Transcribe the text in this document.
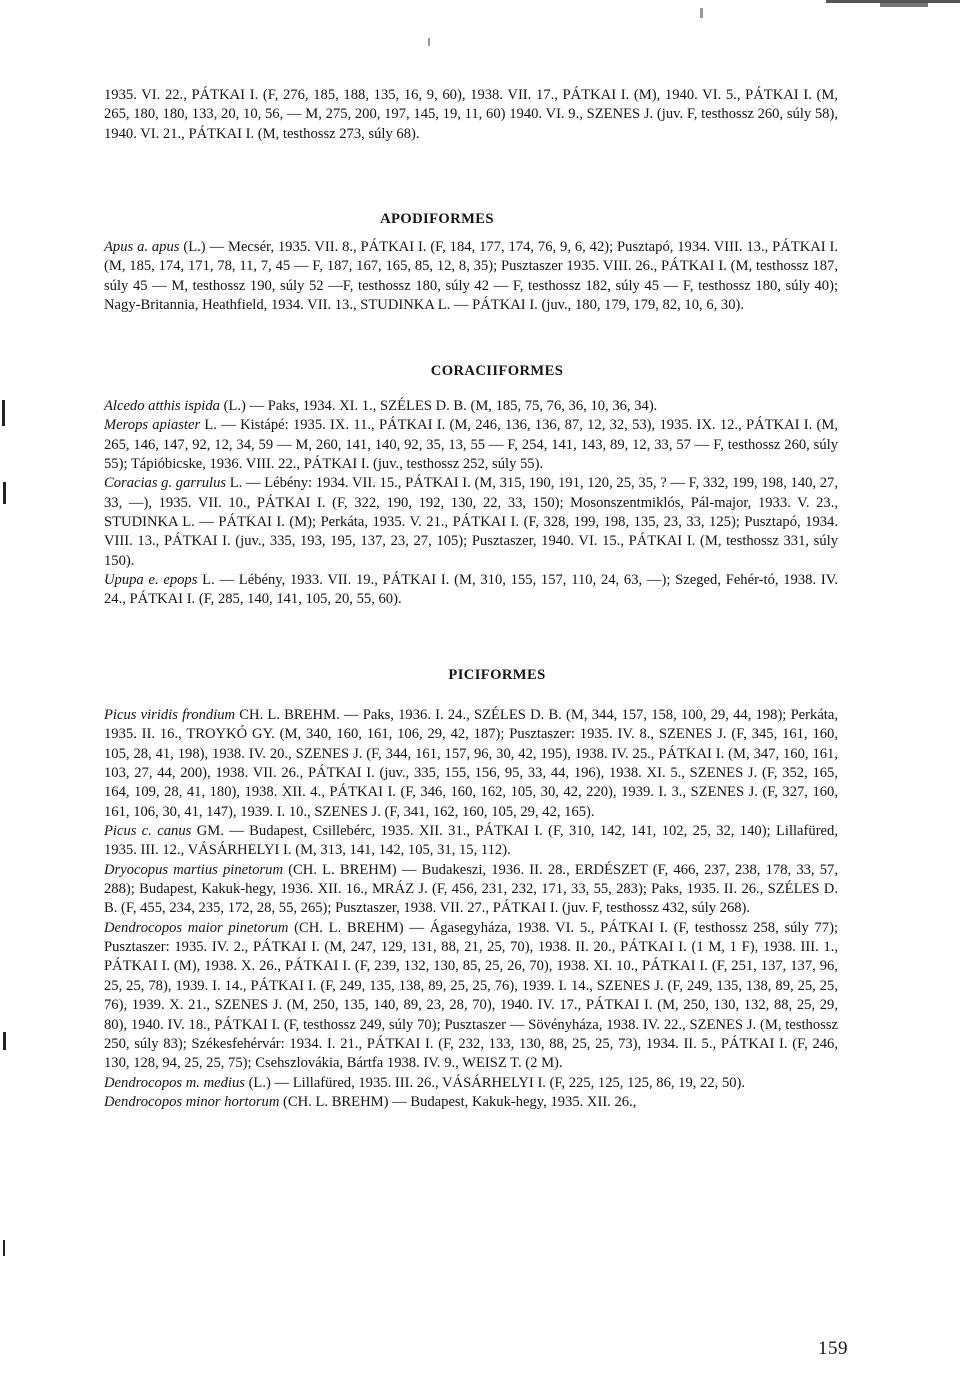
1935. VI. 22., PÁTKAI I. (F, 276, 185, 188, 135, 16, 9, 60), 1938. VII. 17., PÁTKAI I. (M), 1940. VI. 5., PÁTKAI I. (M, 265, 180, 180, 133, 20, 10, 56, — M, 275, 200, 197, 145, 19, 11, 60) 1940. VI. 9., SZENES J. (juv. F, testhossz 260, súly 58), 1940. VI. 21., PÁTKAI I. (M, testhossz 273, súly 68).

APODIFORMES

Apus a. apus (L.) — Mecsér, 1935. VII. 8., PÁTKAI I. (F, 184, 177, 174, 76, 9, 6, 42); Pusztapó, 1934. VIII. 13., PÁTKAI I. (M, 185, 174, 171, 78, 11, 7, 45 — F, 187, 167, 165, 85, 12, 8, 35); Pusztaszer 1935. VIII. 26., PÁTKAI I. (M, testhossz 187, súly 45 — M, testhossz 190, súly 52 —F, testhossz 180, súly 42 — F, testhossz 182, súly 45 — F, testhossz 180, súly 40); Nagy-Britannia, Heathfield, 1934. VII. 13., STUDINKA L. — PÁTKAI I. (juv., 180, 179, 179, 82, 10, 6, 30).

CORACIIFORMES

Alcedo atthis ispida (L.) — Paks, 1934. XI. 1., SZÉLES D. B. (M, 185, 75, 76, 36, 10, 36, 34).

Merops apiaster L. — Kistápé: 1935. IX. 11., PÁTKAI I. (M, 246, 136, 136, 87, 12, 32, 53), 1935. IX. 12., PÁTKAI I. (M, 265, 146, 147, 92, 12, 34, 59 — M, 260, 141, 140, 92, 35, 13, 55 — F, 254, 141, 143, 89, 12, 33, 57 — F, testhossz 260, súly 55); Tápióbicske, 1936. VIII. 22., PÁTKAI I. (juv., testhossz 252, súly 55).

Coracias g. garrulus L. — Lébény: 1934. VII. 15., PÁTKAI I. (M, 315, 190, 191, 120, 25, 35, ? — F, 332, 199, 198, 140, 27, 33, —), 1935. VII. 10., PÁTKAI I. (F, 322, 190, 192, 130, 22, 33, 150); Mosonszentmiklós, Pál-major, 1933. V. 23., STUDINKA L. — PÁTKAI I. (M); Perkáta, 1935. V. 21., PÁTKAI I. (F, 328, 199, 198, 135, 23, 33, 125); Pusztapó, 1934. VIII. 13., PÁTKAI I. (juv., 335, 193, 195, 137, 23, 27, 105); Pusztaszer, 1940. VI. 15., PÁTKAI I. (M, testhossz 331, súly 150).

Upupa e. epops L. — Lébény, 1933. VII. 19., PÁTKAI I. (M, 310, 155, 157, 110, 24, 63, —); Szeged, Fehér-tó, 1938. IV. 24., PÁTKAI I. (F, 285, 140, 141, 105, 20, 55, 60).

PICIFORMES

Picus viridis frondium CH. L. BREHM. — Paks, 1936. I. 24., SZÉLES D. B. (M, 344, 157, 158, 100, 29, 44, 198); Perkáta, 1935. II. 16., TROYKÓ GY. (M, 340, 160, 161, 106, 29, 42, 187); Pusztaszer: 1935. IV. 8., SZENES J. (F, 345, 161, 160, 105, 28, 41, 198), 1938. IV. 20., SZENES J. (F, 344, 161, 157, 96, 30, 42, 195), 1938. IV. 25., PÁTKAI I. (M, 347, 160, 161, 103, 27, 44, 200), 1938. VII. 26., PÁTKAI I. (juv., 335, 155, 156, 95, 33, 44, 196), 1938. XI. 5., SZENES J. (F, 352, 165, 164, 109, 28, 41, 180), 1938. XII. 4., PÁTKAI I. (F, 346, 160, 162, 105, 30, 42, 220), 1939. I. 3., SZENES J. (F, 327, 160, 161, 106, 30, 41, 147), 1939. I. 10., SZENES J. (F, 341, 162, 160, 105, 29, 42, 165).

Picus c. canus GM. — Budapest, Csillebérc, 1935. XII. 31., PÁTKAI I. (F, 310, 142, 141, 102, 25, 32, 140); Lillafüred, 1935. III. 12., VÁSÁRHELYI I. (M, 313, 141, 142, 105, 31, 15, 112).

Dryocopus martius pinetorum (CH. L. BREHM) — Budakeszi, 1936. II. 28., ERDÉSZET (F, 466, 237, 238, 178, 33, 57, 288); Budapest, Kakuk-hegy, 1936. XII. 16., MRÁZ J. (F, 456, 231, 232, 171, 33, 55, 283); Paks, 1935. II. 26., SZÉLES D. B. (F, 455, 234, 235, 172, 28, 55, 265); Pusztaszer, 1938. VII. 27., PÁTKAI I. (juv. F, testhossz 432, súly 268).

Dendrocopos maior pinetorum (CH. L. BREHM) — Ágasegyháza, 1938. VI. 5., PÁTKAI I. (F, testhossz 258, súly 77); Pusztaszer: 1935. IV. 2., PÁTKAI I. (M, 247, 129, 131, 88, 21, 25, 70), 1938. II. 20., PÁTKAI I. (1 M, 1 F), 1938. III. 1., PÁTKAI I. (M), 1938. X. 26., PÁTKAI I. (F, 239, 132, 130, 85, 25, 26, 70), 1938. XI. 10., PÁTKAI I. (F, 251, 137, 137, 96, 25, 25, 78), 1939. I. 14., PÁTKAI I. (F, 249, 135, 138, 89, 25, 25, 76), 1939. I. 14., SZENES J. (F, 249, 135, 138, 89, 25, 25, 76), 1939. X. 21., SZENES J. (M, 250, 135, 140, 89, 23, 28, 70), 1940. IV. 17., PÁTKAI I. (M, 250, 130, 132, 88, 25, 29, 80), 1940. IV. 18., PÁTKAI I. (F, testhossz 249, súly 70); Pusztaszer — Sövényháza, 1938. IV. 22., SZENES J. (M, testhossz 250, súly 83); Székesfehérvár: 1934. I. 21., PÁTKAI I. (F, 232, 133, 130, 88, 25, 25, 73), 1934. II. 5., PÁTKAI I. (F, 246, 130, 128, 94, 25, 25, 75); Csehszlovákia, Bártfa 1938. IV. 9., WEISZ T. (2 M).

Dendrocopos m. medius (L.) — Lillafüred, 1935. III. 26., VÁSÁRHELYI I. (F, 225, 125, 125, 86, 19, 22, 50).

Dendrocopos minor hortorum (CH. L. BREHM) — Budapest, Kakuk-hegy, 1935. XII. 26.,

159
